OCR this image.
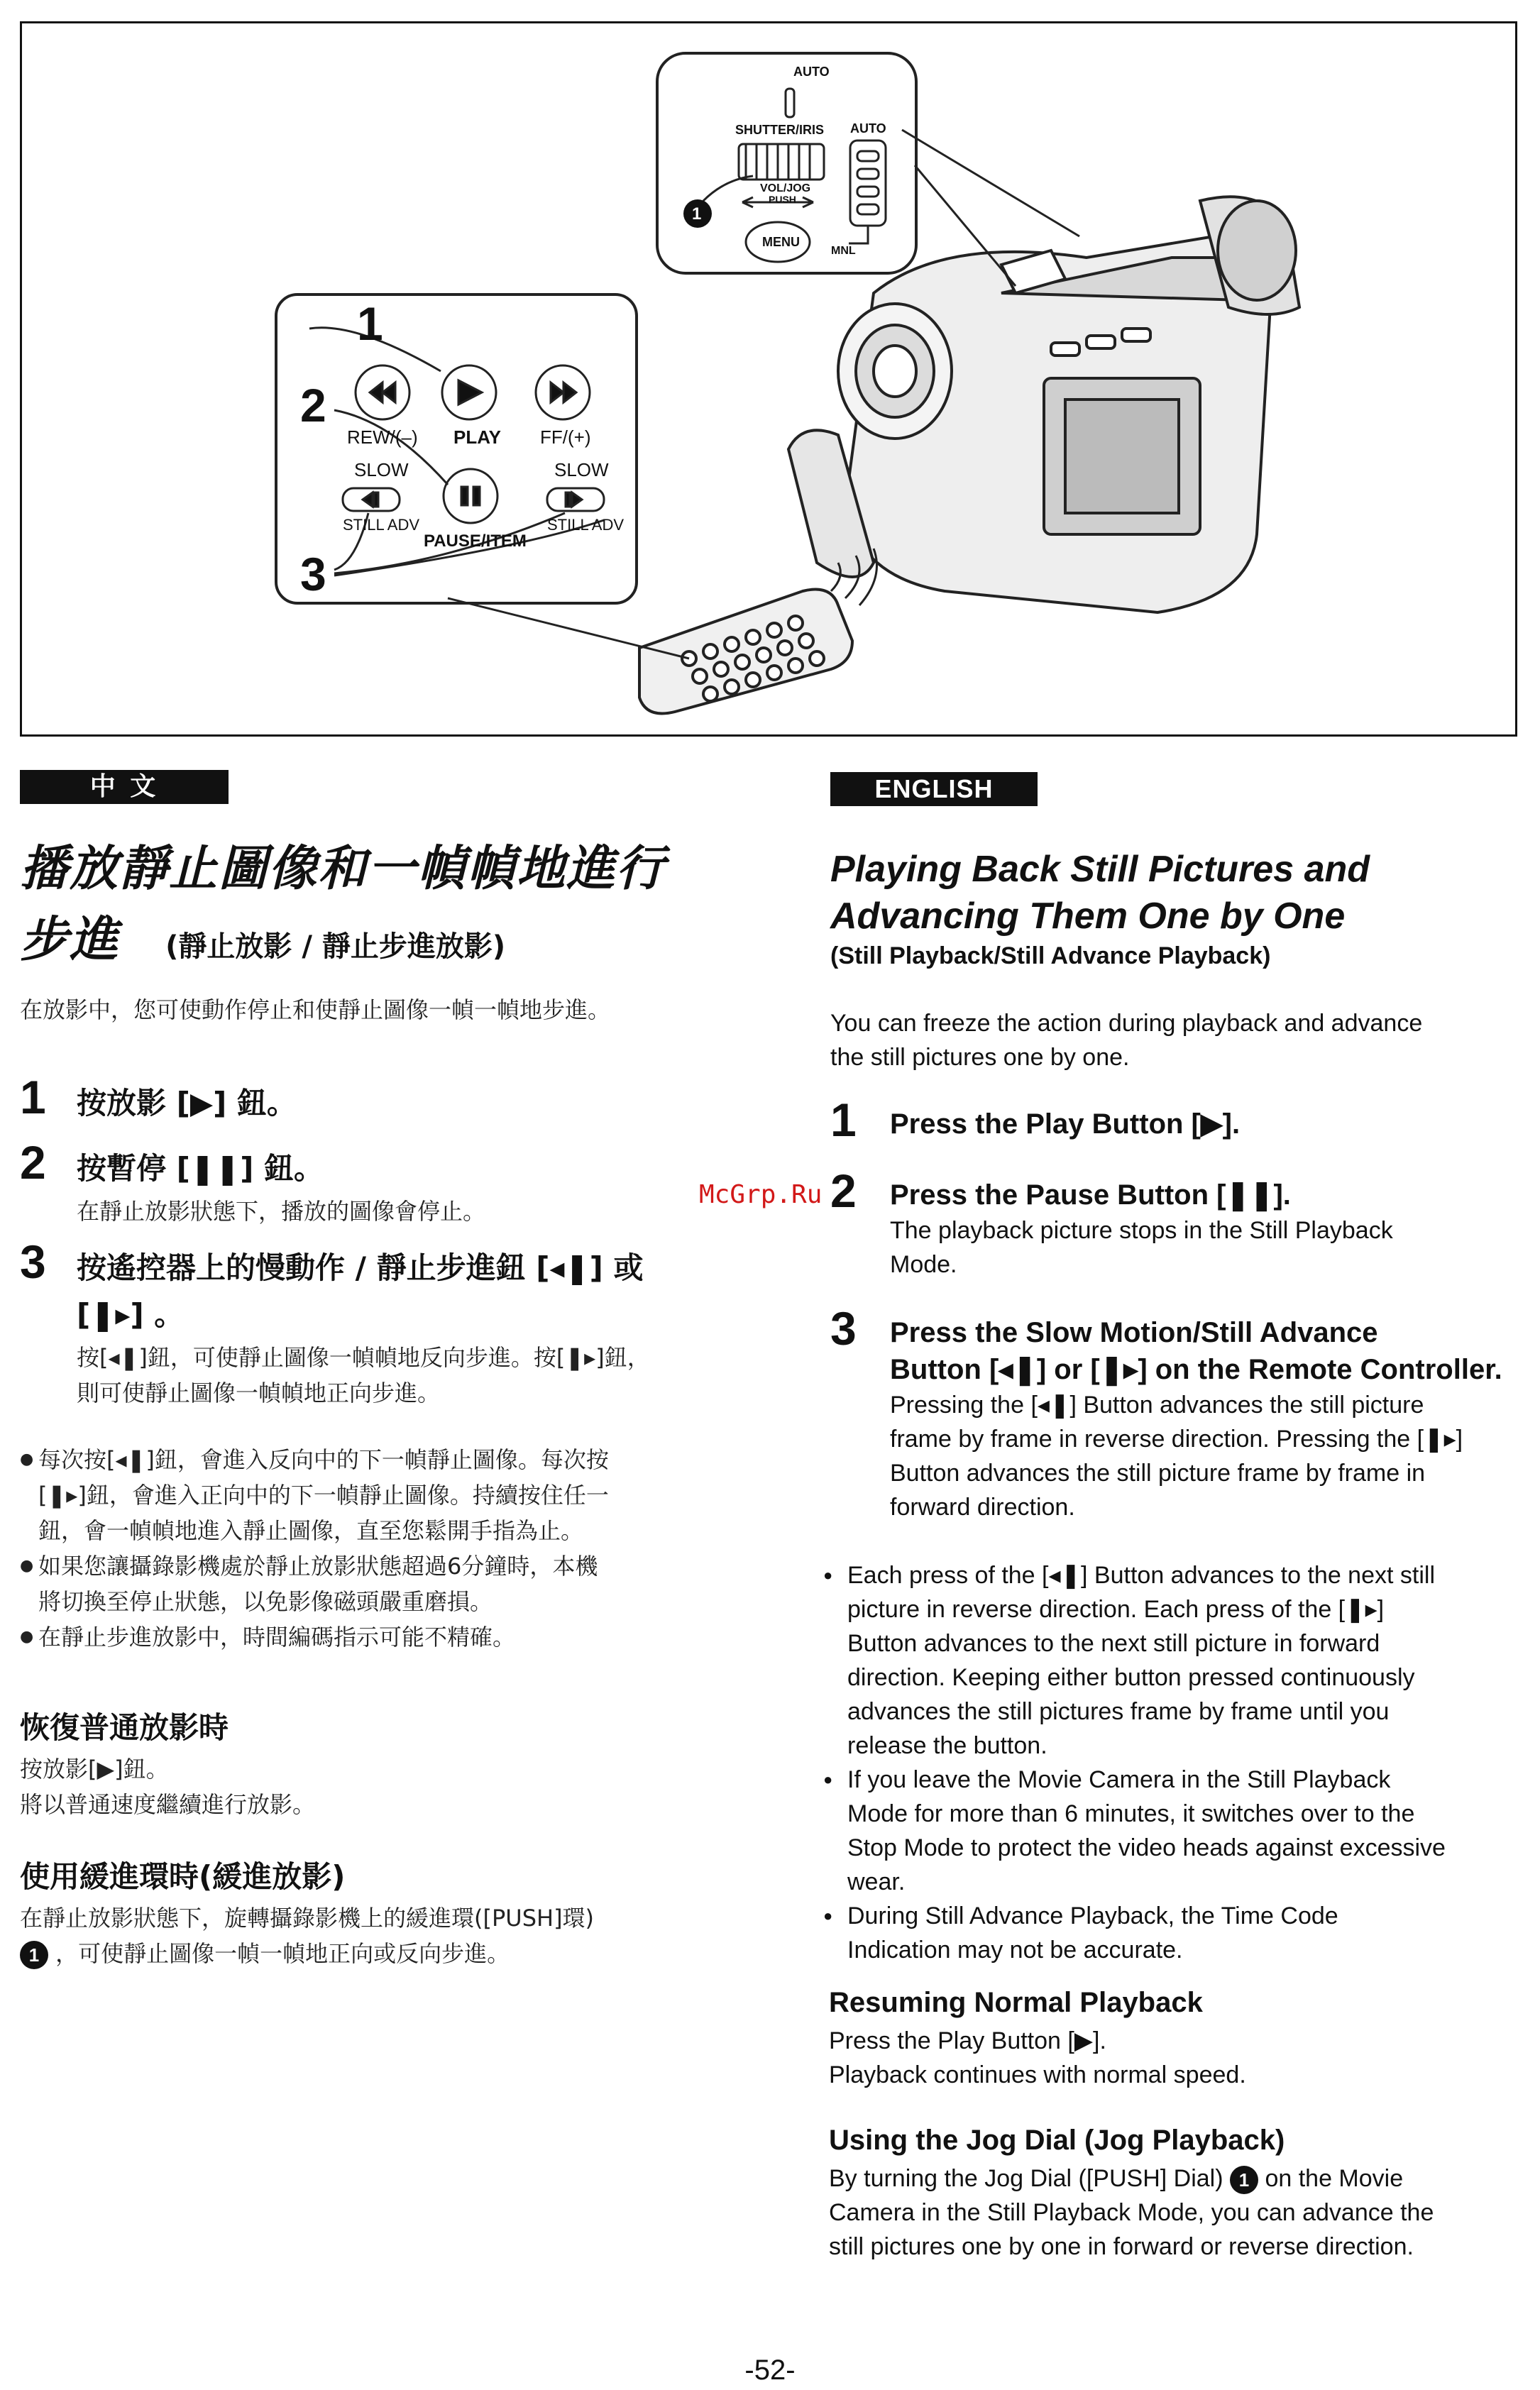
AUTO
SHUTTER/IRIS AUTO
VOL/JOG
PUSH
MENU
MNL
1
1
2
3
REW/(–) PLAY FF/(+)
SLOW	SLOW
STILL ADV	STILL ADV
PAUSE/ITEM
中 文
播放靜止圖像和一幀幀地進行
步進 (靜止放影 / 靜止步進放影)
在放影中，您可使動作停止和使靜止圖像一幀一幀地步進。
1 按放影 [▶] 鈕。
2 按暫停 [❚❚] 鈕。
在靜止放影狀態下，播放的圖像會停止。
3 按遙控器上的慢動作 / 靜止步進鈕 [◂❚] 或
[❚▸] 。
按[◂❚]鈕，可使靜止圖像一幀幀地反向步進。按[❚▸]鈕，
則可使靜止圖像一幀幀地正向步進。
● 每次按[◂❚]鈕，會進入反向中的下一幀靜止圖像。每次按
[❚▸]鈕，會進入正向中的下一幀靜止圖像。持續按住任一
鈕，會一幀幀地進入靜止圖像，直至您鬆開手指為止。
● 如果您讓攝錄影機處於靜止放影狀態超過6分鐘時，本機
將切換至停止狀態，以免影像磁頭嚴重磨損。
● 在靜止步進放影中，時間編碼指示可能不精確。
恢復普通放影時
按放影[▶]鈕。
將以普通速度繼續進行放影。
使用緩進環時(緩進放影)
在靜止放影狀態下，旋轉攝錄影機上的緩進環([PUSH]環)
1 ，可使靜止圖像一幀一幀地正向或反向步進。
ENGLISH
Playing Back Still Pictures and
Advancing Them One by One
(Still Playback/Still Advance Playback)
You can freeze the action during playback and advance
the still pictures one by one.
1 Press the Play Button [▶].
2 Press the Pause Button [❚❚].
The playback picture stops in the Still Playback
Mode.
3 Press the Slow Motion/Still Advance
Button [◂❚] or [❚▸] on the Remote Controller.
Pressing the [◂❚] Button advances the still picture
frame by frame in reverse direction. Pressing the [❚▸]
Button advances the still picture frame by frame in
forward direction.
● Each press of the [◂❚] Button advances to the next still
picture in reverse direction. Each press of the [❚▸]
Button advances to the next still picture in forward
direction. Keeping either button pressed continuously
advances the still pictures frame by frame until you
release the button.
● If you leave the Movie Camera in the Still Playback
Mode for more than 6 minutes, it switches over to the
Stop Mode to protect the video heads against excessive
wear.
● During Still Advance Playback, the Time Code
Indication may not be accurate.
Resuming Normal Playback
Press the Play Button [▶].
Playback continues with normal speed.
Using the Jog Dial (Jog Playback)
By turning the Jog Dial ([PUSH] Dial) 1 on the Movie
Camera in the Still Playback Mode, you can advance the
still pictures one by one in forward or reverse direction.
McGrp.Ru
-52-
